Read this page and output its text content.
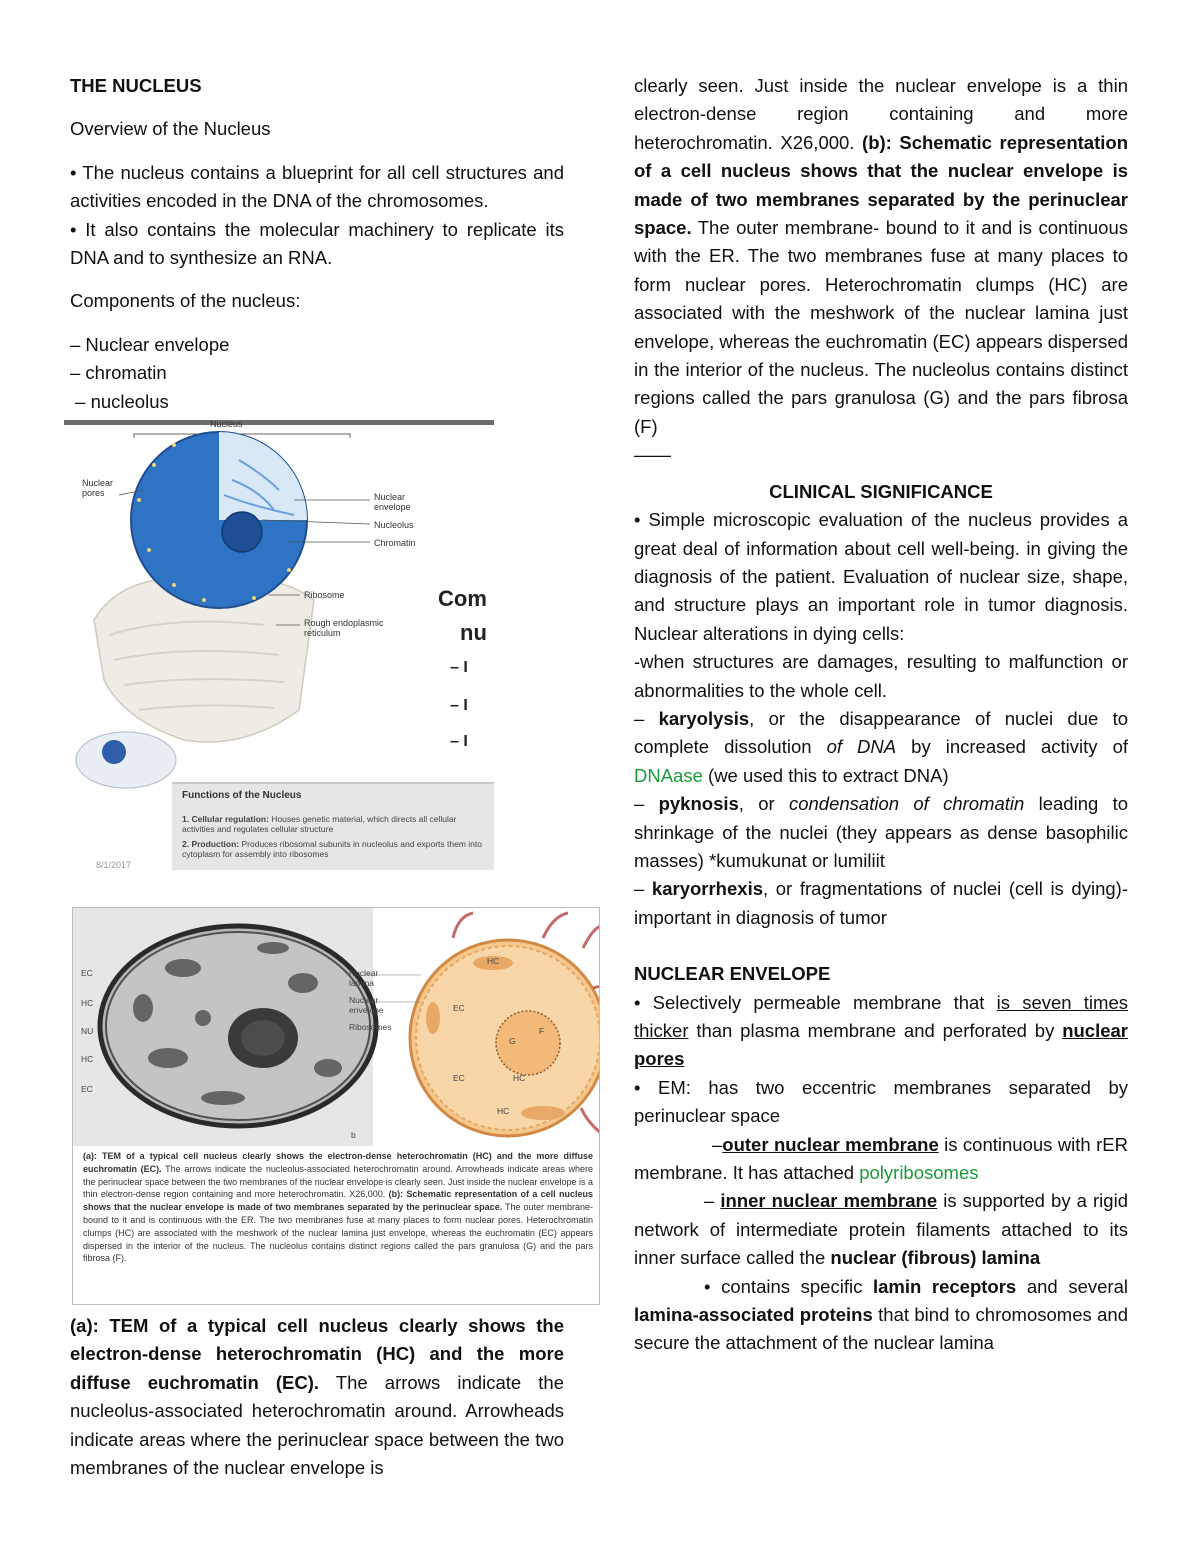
THE NUCLEUS
Overview of the Nucleus
• The nucleus contains a blueprint for all cell structures and activities encoded in the DNA of the chromosomes.
• It also contains the molecular machinery to replicate its DNA and to synthesize an RNA.
Components of the nucleus:
– Nuclear envelope
– chromatin
– nucleolus
Nucleus
Nuclear pores	Nuclear envelope
Nucleolus
Chromatin
Ribosome
Rough endoplasmic reticulum
Com
nu
– I
– I
– I
Functions of the Nucleus
1. Cellular regulation: Houses genetic material, which directs all cellular activities and regulates cellular structure
2. Production: Produces ribosomal subunits in nucleolus and exports them into cytoplasm for assembly into ribosomes
8/1/2017
EC
HC
NU
HC
EC
b
Nuclear lamina
Nuclear envelope
Ribosomes
HC
EC
EC
HC
HC
G
F
(a): TEM of a typical cell nucleus clearly shows the electron-dense heterochromatin (HC) and the more diffuse euchromatin (EC). The arrows indicate the nucleolus-associated heterochromatin around. Arrowheads indicate areas where the perinuclear space between the two membranes of the nuclear envelope is clearly seen. Just inside the nuclear envelope is a thin electron-dense region containing and more heterochromatin. X26,000. (b): Schematic representation of a cell nucleus shows that the nuclear envelope is made of two membranes separated by the perinuclear space. The outer membrane- bound to it and is continuous with the ER. The two membranes fuse at many places to form nuclear pores. Heterochromatin clumps (HC) are associated with the meshwork of the nuclear lamina just envelope, whereas the euchromatin (EC) appears dispersed in the interior of the nucleus. The nucleolus contains distinct regions called the pars granulosa (G) and the pars fibrosa (F).
(a): TEM of a typical cell nucleus clearly shows the electron-dense heterochromatin (HC) and the more diffuse euchromatin (EC). The arrows indicate the nucleolus-associated heterochromatin around. Arrowheads indicate areas where the perinuclear space between the two membranes of the nuclear envelope is
clearly seen. Just inside the nuclear envelope is a thin electron-dense region containing and more heterochromatin. X26,000. (b): Schematic representation of a cell nucleus shows that the nuclear envelope is made of two membranes separated by the perinuclear space. The outer membrane- bound to it and is continuous with the ER. The two membranes fuse at many places to form nuclear pores. Heterochromatin clumps (HC) are associated with the meshwork of the nuclear lamina just envelope, whereas the euchromatin (EC) appears dispersed in the interior of the nucleus. The nucleolus contains distinct regions called the pars granulosa (G) and the pars fibrosa (F)
——
CLINICAL SIGNIFICANCE
• Simple microscopic evaluation of the nucleus provides a great deal of information about cell well-being. in giving the diagnosis of the patient. Evaluation of nuclear size, shape, and structure plays an important role in tumor diagnosis. Nuclear alterations in dying cells:
-when structures are damages, resulting to malfunction or abnormalities to the whole cell.
– karyolysis, or the disappearance of nuclei due to complete dissolution of DNA by increased activity of DNAase (we used this to extract DNA)
– pyknosis, or condensation of chromatin leading to shrinkage of the nuclei (they appears as dense basophilic masses) *kumukunat or lumiliit
– karyorrhexis, or fragmentations of nuclei (cell is dying)-important in diagnosis of tumor
NUCLEAR ENVELOPE
• Selectively permeable membrane that is seven times thicker than plasma membrane and perforated by nuclear pores
• EM: has two eccentric membranes separated by perinuclear space
–outer nuclear membrane is continuous with rER membrane. It has attached polyribosomes
– inner nuclear membrane is supported by a rigid network of intermediate protein filaments attached to its inner surface called the nuclear (fibrous) lamina
• contains specific lamin receptors and several lamina-associated proteins that bind to chromosomes and secure the attachment of the nuclear lamina
